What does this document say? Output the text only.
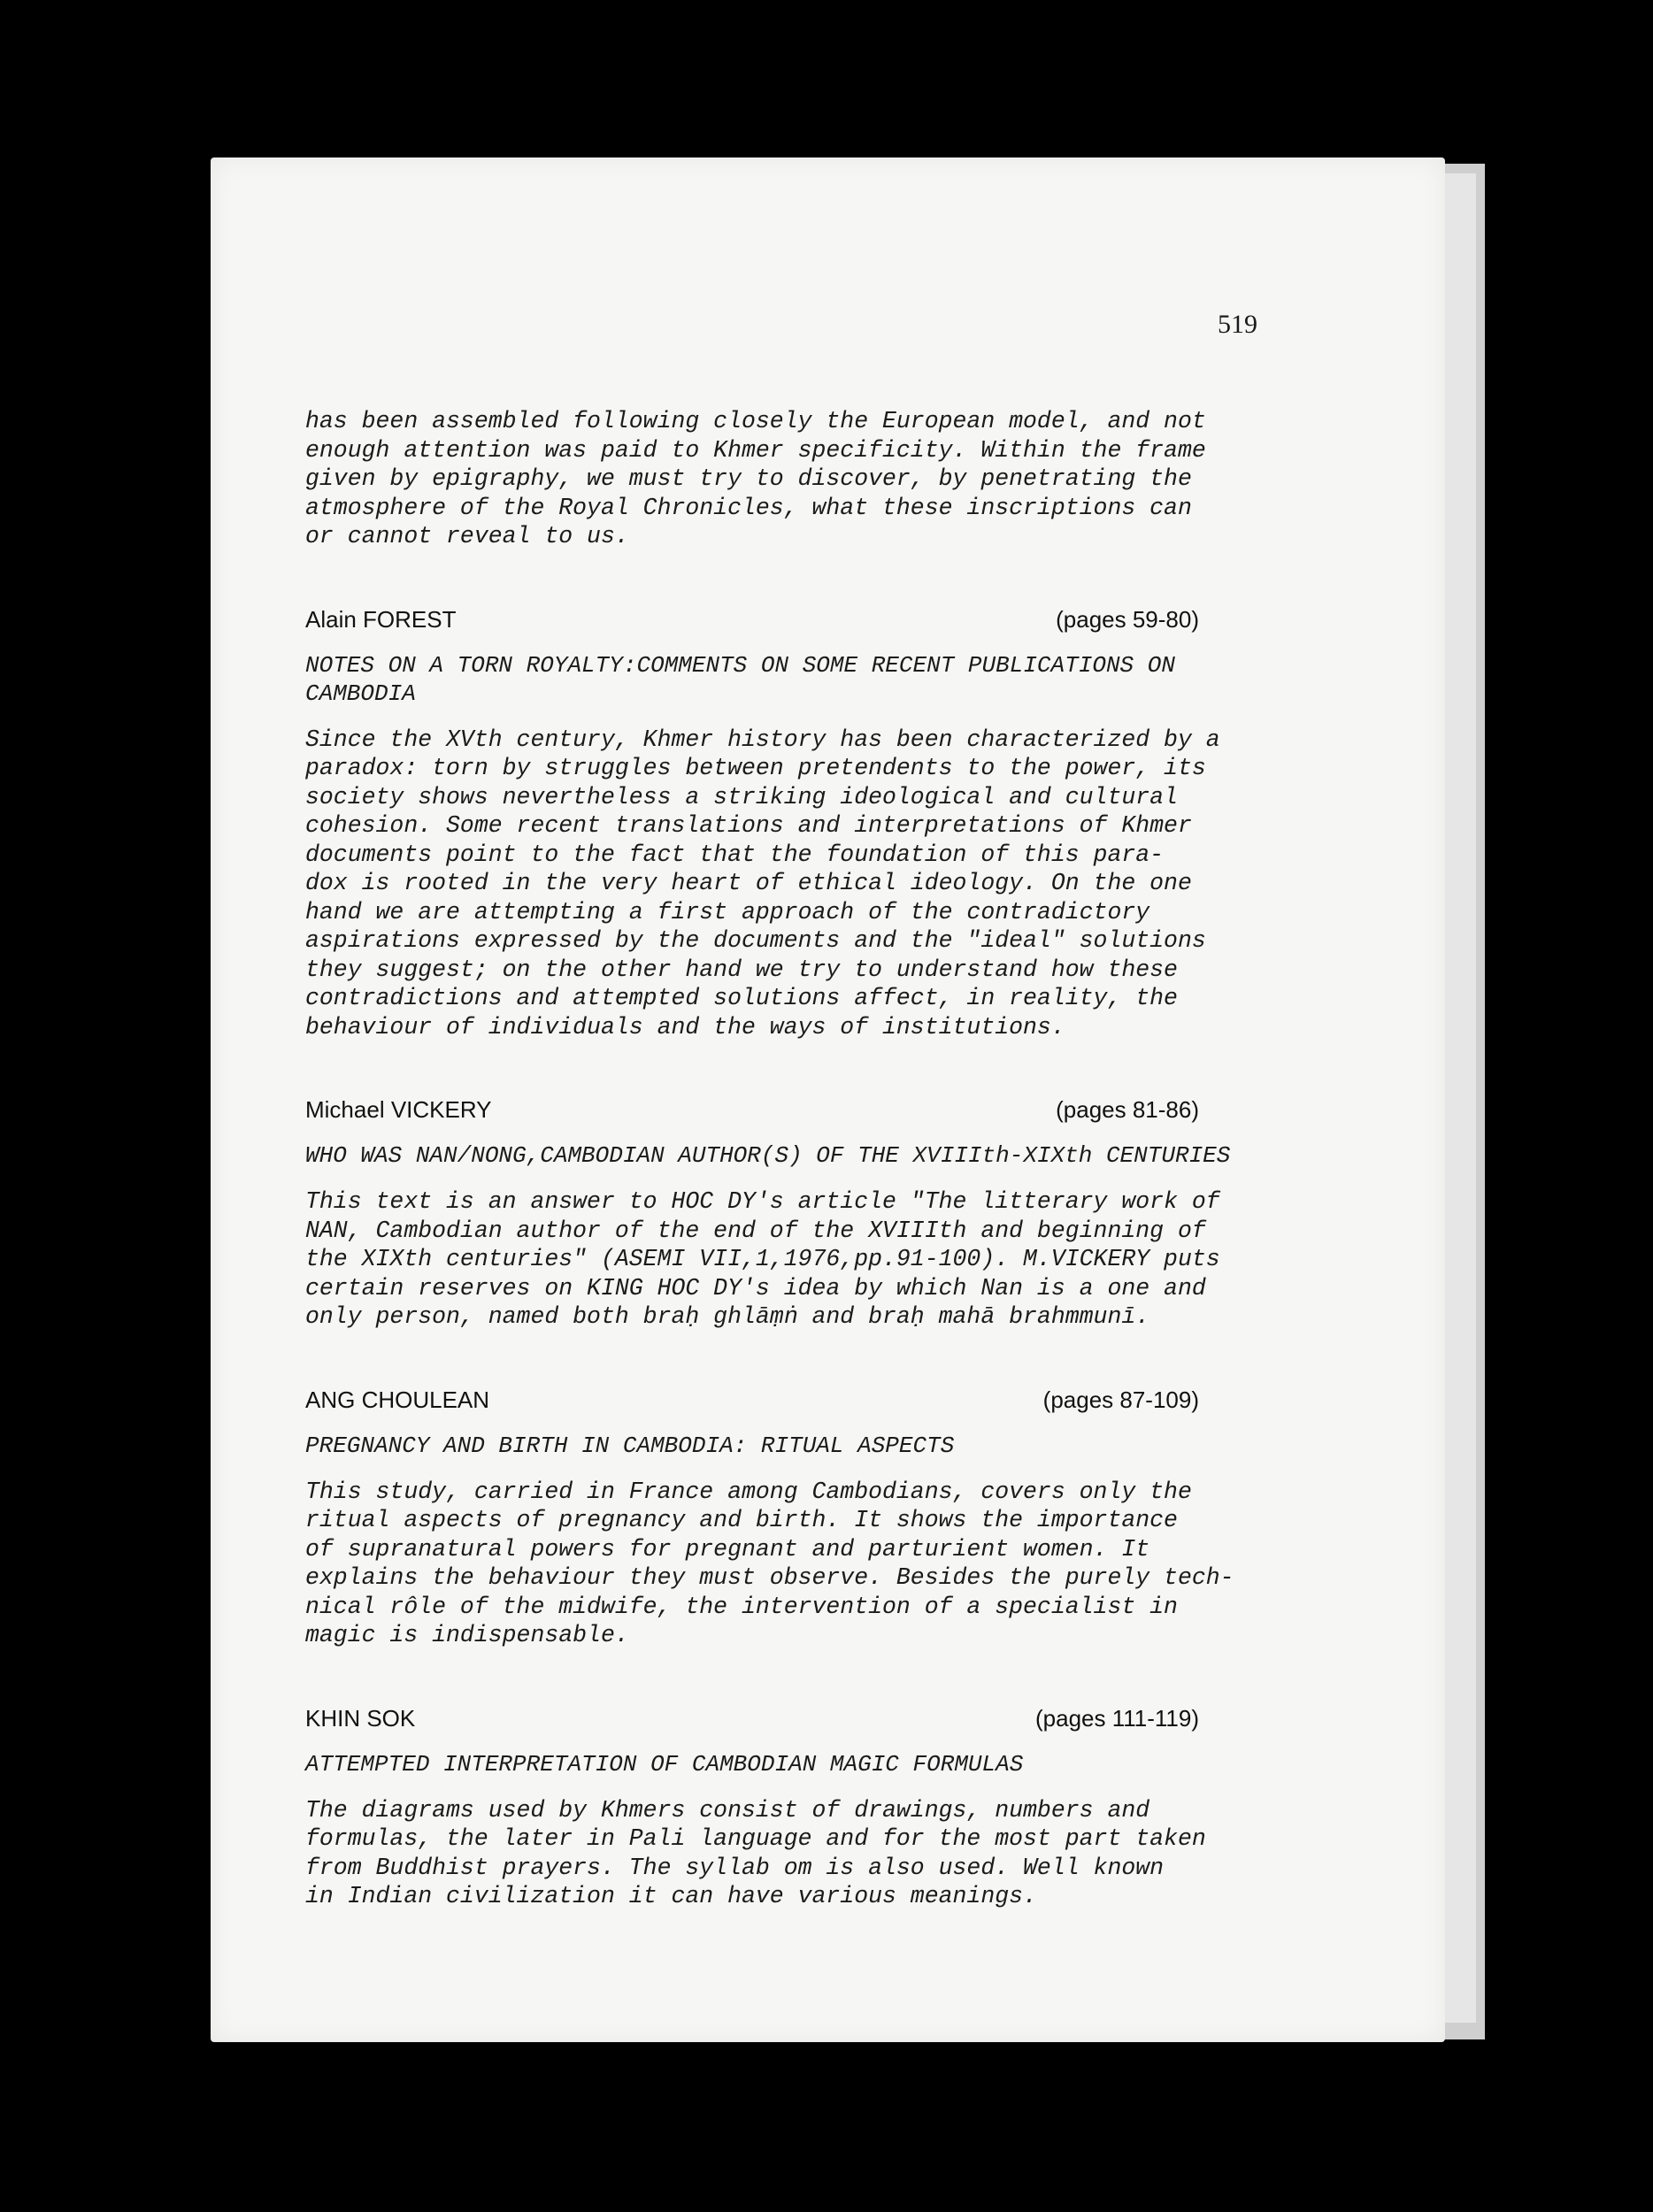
519

has been assembled following closely the European model, and not
enough attention was paid to Khmer specificity. Within the frame
given by epigraphy, we must try to discover, by penetrating the
atmosphere of the Royal Chronicles, what these inscriptions can
or cannot reveal to us.

Alain FOREST	(pages 59-80)

NOTES ON A TORN ROYALTY:COMMENTS ON SOME RECENT PUBLICATIONS ON
CAMBODIA

Since the XVth century, Khmer history has been characterized by a
paradox: torn by struggles between pretendents to the power, its
society shows nevertheless a striking ideological and cultural
cohesion. Some recent translations and interpretations of Khmer
documents point to the fact that the foundation of this para-
dox is rooted in the very heart of ethical ideology. On the one
hand we are attempting a first approach of the contradictory
aspirations expressed by the documents and the "ideal" solutions
they suggest; on the other hand we try to understand how these
contradictions and attempted solutions affect, in reality, the
behaviour of individuals and the ways of institutions.

Michael VICKERY	(pages 81-86)

WHO WAS NAN/NONG,CAMBODIAN AUTHOR(S) OF THE XVIIIth-XIXth CENTURIES

This text is an answer to HOC DY's article "The litterary work of
NAN, Cambodian author of the end of the XVIIIth and beginning of
the XIXth centuries" (ASEMI VII,1,1976,pp.91-100). M.VICKERY puts
certain reserves on KING HOC DY's idea by which Nan is a one and
only person, named both braḥ ghlāṃṅ and braḥ mahā brahmmunī.

ANG CHOULEAN	(pages 87-109)

PREGNANCY AND BIRTH IN CAMBODIA: RITUAL ASPECTS

This study, carried in France among Cambodians, covers only the
ritual aspects of pregnancy and birth. It shows the importance
of supranatural powers for pregnant and parturient women. It
explains the behaviour they must observe. Besides the purely tech-
nical rôle of the midwife, the intervention of a specialist in
magic is indispensable.

KHIN SOK	(pages 111-119)

ATTEMPTED INTERPRETATION OF CAMBODIAN MAGIC FORMULAS

The diagrams used by Khmers consist of drawings, numbers and
formulas, the later in Pali language and for the most part taken
from Buddhist prayers. The syllab om is also used. Well known
in Indian civilization it can have various meanings.
